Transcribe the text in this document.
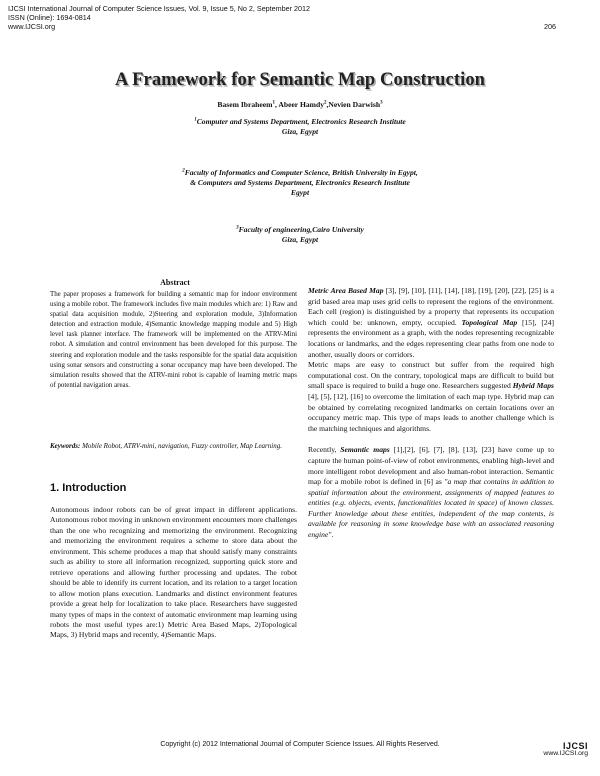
IJCSI International Journal of Computer Science Issues, Vol. 9, Issue 5, No 2, September 2012
ISSN (Online): 1694-0814
www.IJCSI.org	206
A Framework for Semantic Map Construction
Basem Ibraheem$^1$, Abeer Hamdy$^2$,Nevien Darwish$^3$
$^1$Computer and Systems Department, Electronics Research Institute
Giza, Egypt
$^2$Faculty of Informatics and Computer Science, British University in Egypt,
& Computers and Systems Department, Electronics Research Institute
Egypt
$^3$Faculty of engineering,Cairo University
Giza, Egypt
Abstract
The paper proposes a framework for building a semantic map for indoor environment using a mobile robot. The framework includes five main modules which are: 1) Raw and spatial data acquisition module, 2)Steering and exploration module, 3)Information detection and extraction module, 4)Semantic knowledge mapping module and 5) High level task planner interface. The framework will be implemented on the ATRV-Mini robot. A simulation and control environment has been developed for this purpose. The steering and exploration module and the tasks responsible for the spatial data acquisition using sonar sensors and constructing a sonar occupancy map have been developed. The simulation results showed that the ATRV-mini robot is capable of learning metric maps of potential navigation areas.
Keywords: Mobile Robot, ATRV-mini, navigation, Fuzzy controller, Map Learning.
1. Introduction
Autonomous indoor robots can be of great impact in different applications. Autonomous robot moving in unknown environment encounters more challenges than the one who recognizing and memorizing the environment. Recognizing and memorizing the environment requires a scheme to store data about the environment. This scheme produces a map that should satisfy many constraints such as ability to store all information recognized, supporting quick store and retrieve operations and allowing further processing and updates. The robot should be able to identify its current location, and its relation to a target location to allow motion plans execution. Landmarks and distinct environment features provide a great help for localization to take place. Researchers have suggested many types of maps in the context of automatic environment map learning using robots the most useful types are:1) Metric Area Based Maps, 2)Topological Maps, 3) Hybrid maps and recently, 4)Semantic Maps.

Metric Area Based Map [3], [9], [10], [11], [14], [18], [19], [20], [22], [25] is a grid based area map uses grid cells to represent the regions of the environment. Each cell (region) is distinguished by a property that represents its occupation which could be: unknown, empty, occupied. Topological Map [15], [24] represents the environment as a graph, with the nodes representing recognizable locations or landmarks, and the edges representing clear paths from one node to another, usually doors or corridors.

Metric maps are easy to construct but suffer from the required high computational cost. On the contrary, topological maps are difficult to build but small space is required to build a huge one. Researchers suggested Hybrid Maps [4], [5], [12], [16] to overcome the limitation of each map type. Hybrid map can be obtained by correlating recognized landmarks on certain locations over an occupancy metric map. This type of maps leads to another challenge which is the matching techniques and algorithms.

Recently, Semantic maps [1],[2], [6], [7], [8], [13], [23] have come up to capture the human point-of-view of robot environments, enabling high-level and more intelligent robot development and also human-robot interaction. Semantic map for a mobile robot is defined in [6] as "a map that contains in addition to spatial information about the environment, assignments of mapped features to entities (e.g. objects, events, functionalities located in space) of known classes. Further knowledge about these entities, independent of the map contents, is available for reasoning in some knowledge base with an associated reasoning engine".

Copyright (c) 2012 International Journal of Computer Science Issues. All Rights Reserved.	IJCSI
www.IJCSI.org
